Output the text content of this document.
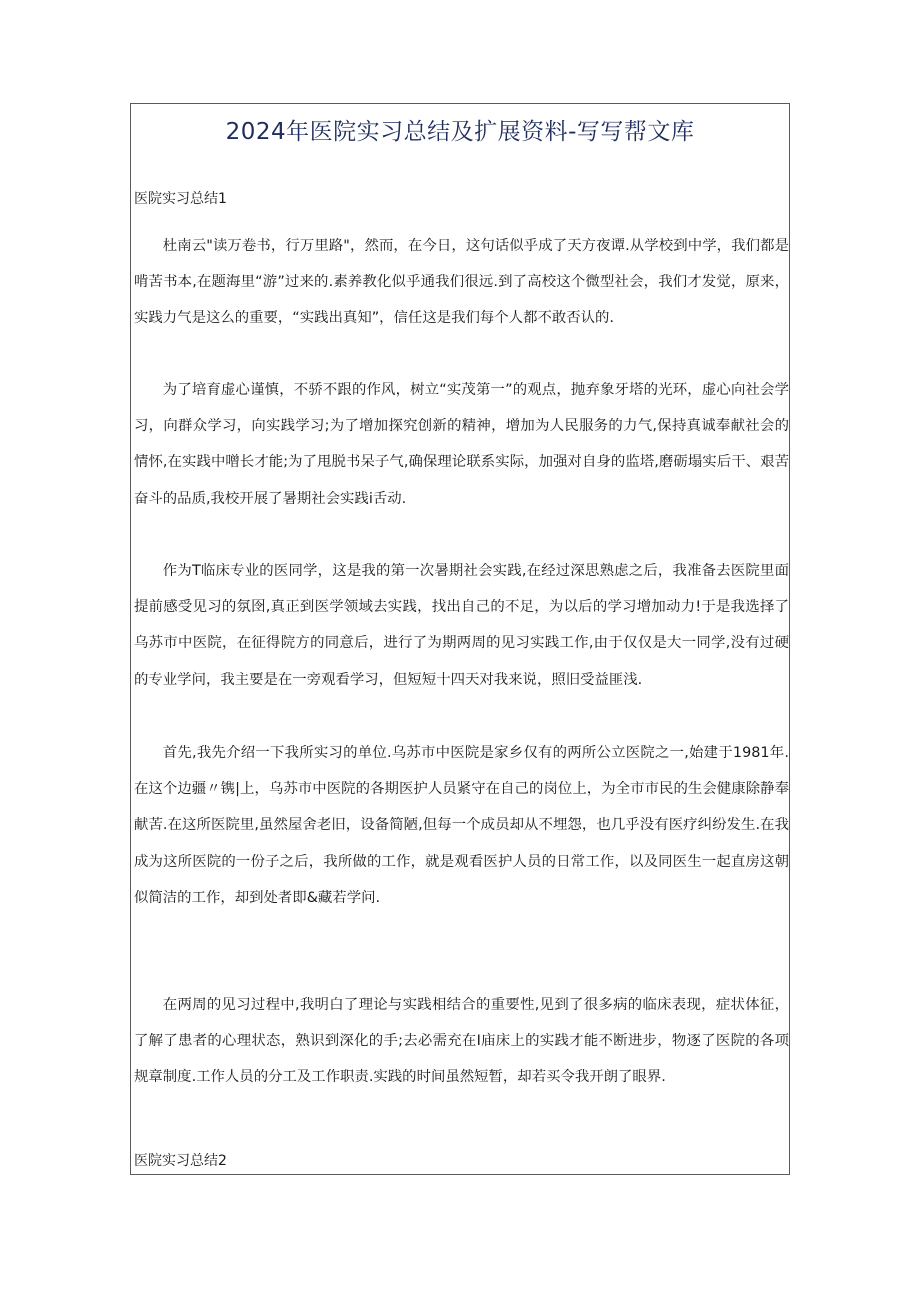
2024年医院实习总结及扩展资料-写写帮文库
医院实习总结1

杜南云"读万卷书，行万里路"，然而，在今日，这句话似乎成了天方夜谭.从学校到中学，我们都是啃苦书本,在题海里“游”过来的.素养教化似乎通我们很远.到了高校这个微型社会，我们才发觉，原来，实践力气是这么的重要，“实践出真知”，信任这是我们每个人都不敢否认的.

为了培育虚心谨慎，不骄不跟的作风，树立“实茂第一”的观点，抛弃象牙塔的光环，虚心向社会学习，向群众学习，向实践学习;为了增加探究创新的精神，增加为人民服务的力气,保持真诚奉献社会的情怀,在实践中噌长才能;为了甩脱书呆子气,确保理论联系实际，加强对自身的监塔,磨砺塌实后干、艰苦奋斗的品质,我校开展了暑期社会实践i舌动.

作为T临床专业的医同学，这是我的第一次暑期社会实践,在经过深思熟虑之后，我准备去医院里面提前感受见习的氛囹,真正到医学领域去实践，找出自己的不足，为以后的学习增加动力!于是我选择了乌苏市中医院，在征得院方的同意后，进行了为期两周的见习实践工作,由于仅仅是大一同学,没有过硬的专业学问，我主要是在一旁观看学习，但短短十四天对我来说，照旧受益匪浅.

首先,我先介绍一下我所实习的单位.乌苏市中医院是家乡仅有的两所公立医院之一,始建于1981年.在这个边疆〃镌|上，乌苏市中医院的各期医护人员紧守在自己的岗位上，为全市市民的生会健康除静奉献苦.在这所医院里,虽然屋舍老旧，设备简陋,但每一个成员却从不埋怨，也几乎没有医疗纠纷发生.在我成为这所医院的一份子之后，我所做的工作，就是观看医护人员的日常工作，以及同医生一起直房这朝似简洁的工作，却到处者即&藏若学问.

在两周的见习过程中,我明白了理论与实践相结合的重要性,见到了很多病的临床表现，症状体征，了解了患者的心理状态，熟识到深化的手;去必需充在I庙床上的实践才能不断进步，物逐了医院的各项规章制度.工作人员的分工及工作职责.实践的时间虽然短暂，却若买令我开朗了眼界.

医院实习总结2
